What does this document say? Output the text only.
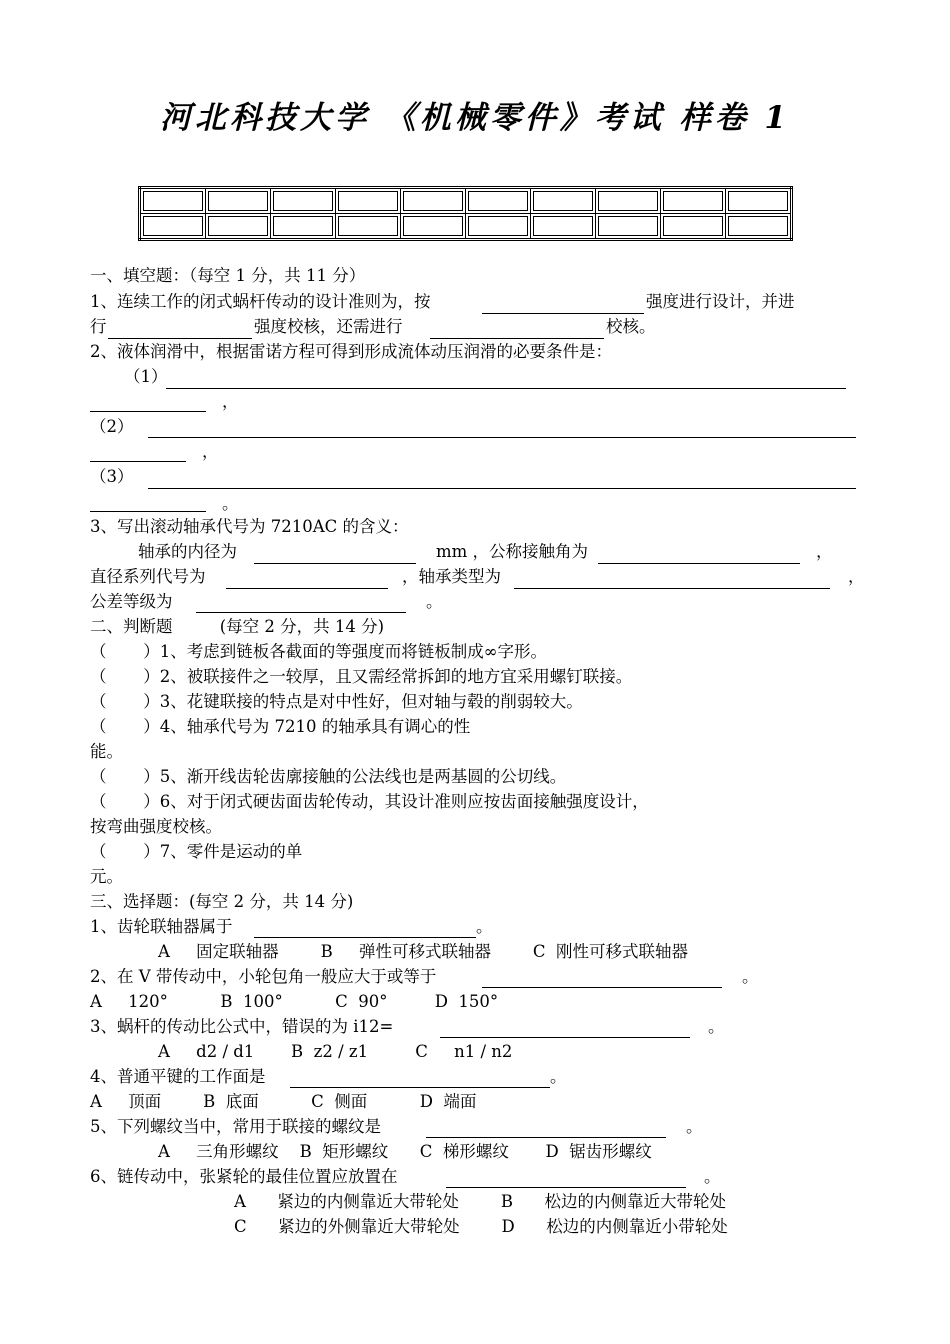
河北科技大学 《机械零件》考试 样卷 1

一、填空题：（每空 1 分，共 11 分）
1、连续工作的闭式蜗杆传动的设计准则为，按	强度进行设计，并进
行	强度校核，还需进行	校核。
2、液体润滑中，根据雷诺方程可得到形成流体动压润滑的必要条件是：
（1）
，
（2）
，
（3）
。
3、写出滚动轴承代号为 7210AC 的含义：
轴承的内径为	mm ，公称接触角为	，
直径系列代号为	，轴承类型为	，
公差等级为	。
二、判断题         (每空 2 分，共 14 分)
（       ）1、考虑到链板各截面的等强度而将链板制成∞字形。
（       ）2、被联接件之一较厚，且又需经常拆卸的地方宜采用螺钉联接。
（       ）3、花键联接的特点是对中性好，但对轴与毂的削弱较大。
（       ）4、轴承代号为 7210 的轴承具有调心的性
能。
（       ）5、渐开线齿轮齿廓接触的公法线也是两基圆的公切线。
（       ）6、对于闭式硬齿面齿轮传动，其设计准则应按齿面接触强度设计，
按弯曲强度校核。
（       ）7、零件是运动的单
元。
三、选择题：(每空 2 分，共 14 分)
1、齿轮联轴器属于	。
A     固定联轴器        B     弹性可移式联轴器        C  刚性可移式联轴器
2、在 V 带传动中，小轮包角一般应大于或等于	。
A     120°          B  100°          C  90°         D  150°
3、蜗杆的传动比公式中，错误的为 i12=	。
A     d2 / d1       B  z2 / z1         C     n1 / n2
4、普通平键的工作面是	。
A     顶面        B  底面          C  侧面          D  端面
5、下列螺纹当中，常用于联接的螺纹是	。
A     三角形螺纹    B  矩形螺纹      C  梯形螺纹       D  锯齿形螺纹
6、链传动中，张紧轮的最佳位置应放置在	。
A      紧边的内侧靠近大带轮处        B      松边的内侧靠近大带轮处
C      紧边的外侧靠近大带轮处        D      松边的内侧靠近小带轮处
